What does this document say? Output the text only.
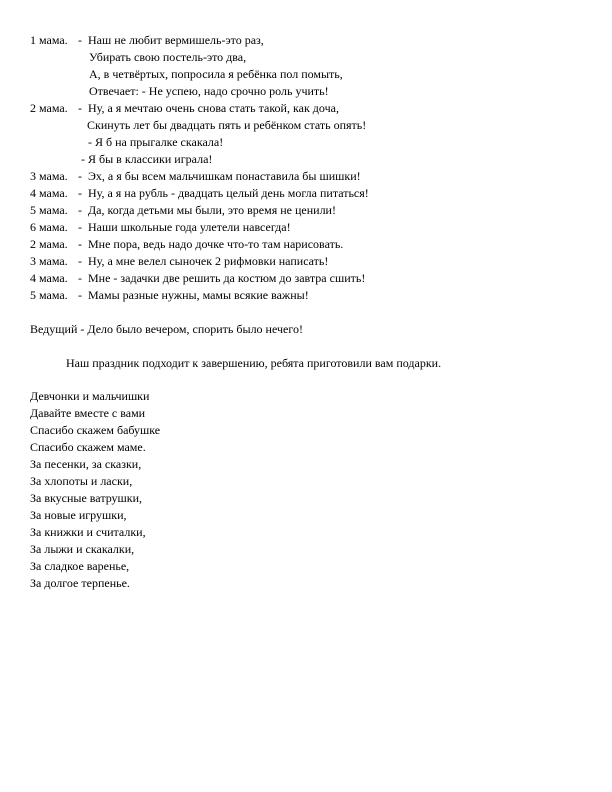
1 мама. -  Наш не любит вермишель-это раз,
Убирать свою постель-это два,
А, в четвёртых, попросила я ребёнка пол помыть,
Отвечает: - Не успею, надо срочно роль учить!
2 мама. -  Ну, а я мечтаю очень снова стать такой, как доча,
Скинуть лет бы двадцать пять и ребёнком стать опять!
- Я б на прыгалке скакала!
- Я бы в классики играла!
3 мама. -  Эх, а я бы всем мальчишкам понаставила бы шишки!
4 мама. -  Ну, а я на рубль - двадцать целый день могла питаться!
5 мама. -  Да, когда детьми мы были, это время не ценили!
6 мама. -  Наши школьные года улетели навсегда!
2 мама. -  Мне пора, ведь надо дочке что-то там нарисовать.
3 мама. -  Ну, а мне велел сыночек 2 рифмовки написать!
4 мама. -  Мне - задачки две решить да костюм до завтра сшить!
5 мама. -  Мамы разные нужны, мамы всякие важны!
Ведущий - Дело было вечером, спорить было нечего!
Наш праздник подходит к завершению, ребята приготовили вам подарки.
Девчонки и мальчишки
Давайте вместе с вами
Спасибо скажем бабушке
Спасибо скажем маме.
За песенки, за сказки,
За хлопоты и ласки,
За вкусные ватрушки,
За новые игрушки,
За книжки и считалки,
За лыжи и скакалки,
За сладкое варенье,
За долгое терпенье.
